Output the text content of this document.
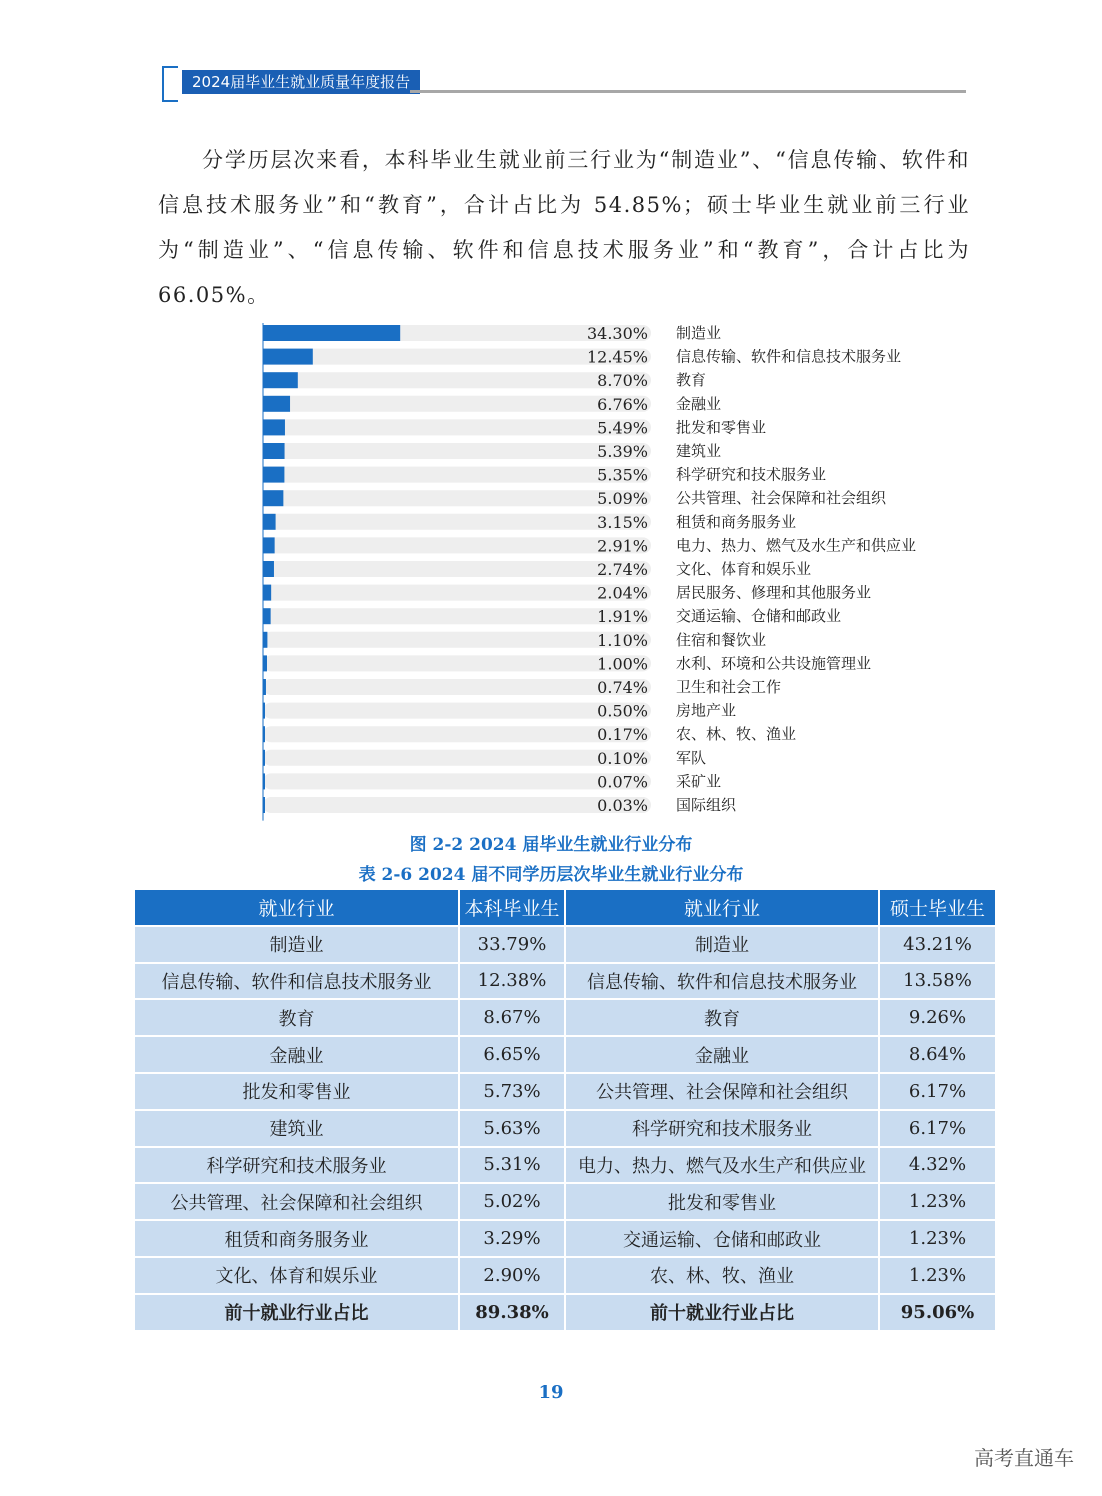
2024届毕业生就业质量年度报告

分学历层次来看，本科毕业生就业前三行业为“制造业”、“信息传输、软件和信息技术服务业”和“教育”，合计占比为 54.85%；硕士毕业生就业前三行业为“制造业”、“信息传输、软件和信息技术服务业”和“教育”，合计占比为 66.05%。

34.30% 制造业
12.45% 信息传输、软件和信息技术服务业
8.70% 教育
6.76% 金融业
5.49% 批发和零售业
5.39% 建筑业
5.35% 科学研究和技术服务业
5.09% 公共管理、社会保障和社会组织
3.15% 租赁和商务服务业
2.91% 电力、热力、燃气及水生产和供应业
2.74% 文化、体育和娱乐业
2.04% 居民服务、修理和其他服务业
1.91% 交通运输、仓储和邮政业
1.10% 住宿和餐饮业
1.00% 水利、环境和公共设施管理业
0.74% 卫生和社会工作
0.50% 房地产业
0.17% 农、林、牧、渔业
0.10% 军队
0.07% 采矿业
0.03% 国际组织
图 2-2 2024 届毕业生就业行业分布
表 2-6 2024 届不同学历层次毕业生就业行业分布
就业行业	本科毕业生	就业行业	硕士毕业生
制造业	33.79%	制造业	43.21%
信息传输、软件和信息技术服务业	12.38%	信息传输、软件和信息技术服务业	13.58%
教育	8.67%	教育	9.26%
金融业	6.65%	金融业	8.64%
批发和零售业	5.73%	公共管理、社会保障和社会组织	6.17%
建筑业	5.63%	科学研究和技术服务业	6.17%
科学研究和技术服务业	5.31%	电力、热力、燃气及水生产和供应业	4.32%
公共管理、社会保障和社会组织	5.02%	批发和零售业	1.23%
租赁和商务服务业	3.29%	交通运输、仓储和邮政业	1.23%
文化、体育和娱乐业	2.90%	农、林、牧、渔业	1.23%
前十就业行业占比	89.38%	前十就业行业占比	95.06%
19
高考直通车
